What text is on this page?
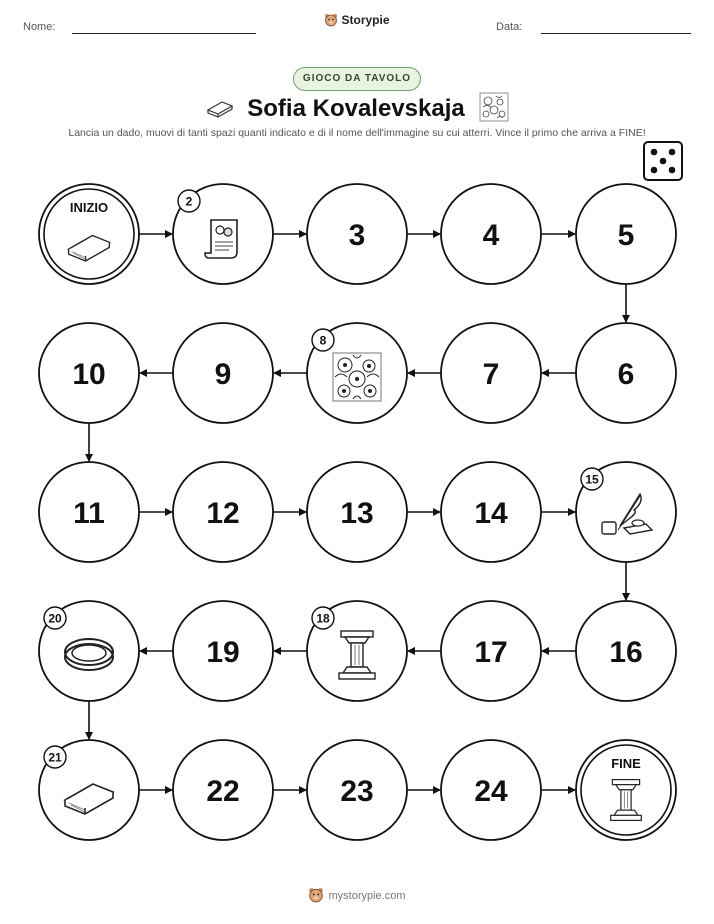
Nome:	Storypie	Data:
GIOCO DA TAVOLO
Sofia Kovalevskaja
Lancia un dado, muovi di tanti spazi quanti indicato e di il nome dell'immagine su cui atterri. Vince il primo che arriva a FINE!
INIZIO	2
3	4	5
6
7
8
9
10
11	12	13	14
15
16
17
18
19
20
21
22	23	24
FINE
mystorypie.com
